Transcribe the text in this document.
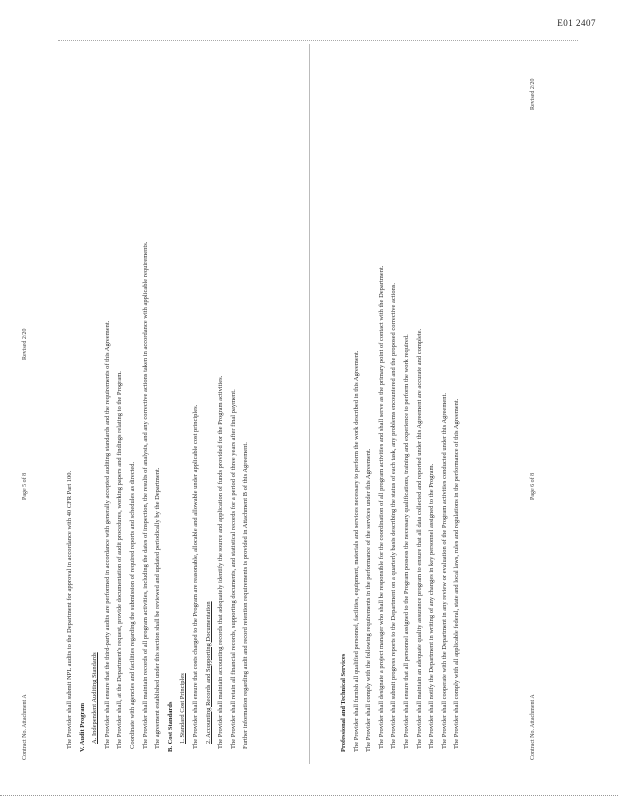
E01 2407

The Provider shall submit NPL audits to the Department for approval in accordance with 40 CFR Part 100. V. Audit Program A. Independent Auditing Standards The Provider shall ensure that the third-party audits are performed in accordance with generally accepted auditing standards and the requirements of this Agreement. The Provider shall, at the Department's request, provide documentation of audit procedures, working papers and findings relating to the Program. Coordinate with agencies and facilities regarding the submission of required reports and schedules as directed. The Provider shall maintain records of all program activities, including the dates of inspection, the results of analysis, and any corrective actions taken in accordance with applicable requirements. The agreement established under this section shall be reviewed and updated periodically by the Department. B. Cost Standards 1. Standard Cost Principles The Provider shall ensure that costs charged to the Program are reasonable, allocable and allowable under applicable cost principles. 2. Accounting Records and Supporting Documentation The Provider shall maintain accounting records that adequately identify the source and application of funds provided for the Program activities. The Provider shall retain all financial records, supporting documents, and statistical records for a period of three years after final payment. Further information regarding audit and record retention requirements is provided in Attachment B of this Agreement.

Contract No. Attachment A
Page 5 of 8
Revised 2/20

Professional and Technical Services The Provider shall furnish all qualified personnel, facilities, equipment, materials and services necessary to perform the work described in this Agreement. The Provider shall comply with the following requirements in the performance of the services under this Agreement. The Provider shall designate a project manager who shall be responsible for the coordination of all program activities and shall serve as the primary point of contact with the Department. The Provider shall submit progress reports to the Department on a quarterly basis describing the status of each task, any problems encountered and the proposed corrective actions. The Provider shall ensure that all personnel assigned to the Program possess the necessary qualifications, training and experience to perform the work required. The Provider shall maintain an adequate quality assurance program to ensure that all data collected and reported under this Agreement are accurate and complete. The Provider shall notify the Department in writing of any changes in key personnel assigned to the Program. The Provider shall cooperate with the Department in any review or evaluation of the Program activities conducted under this Agreement. The Provider shall comply with all applicable federal, state and local laws, rules and regulations in the performance of this Agreement.	Contract No. Attachment A
Page 6 of 8
Revised 2/20
